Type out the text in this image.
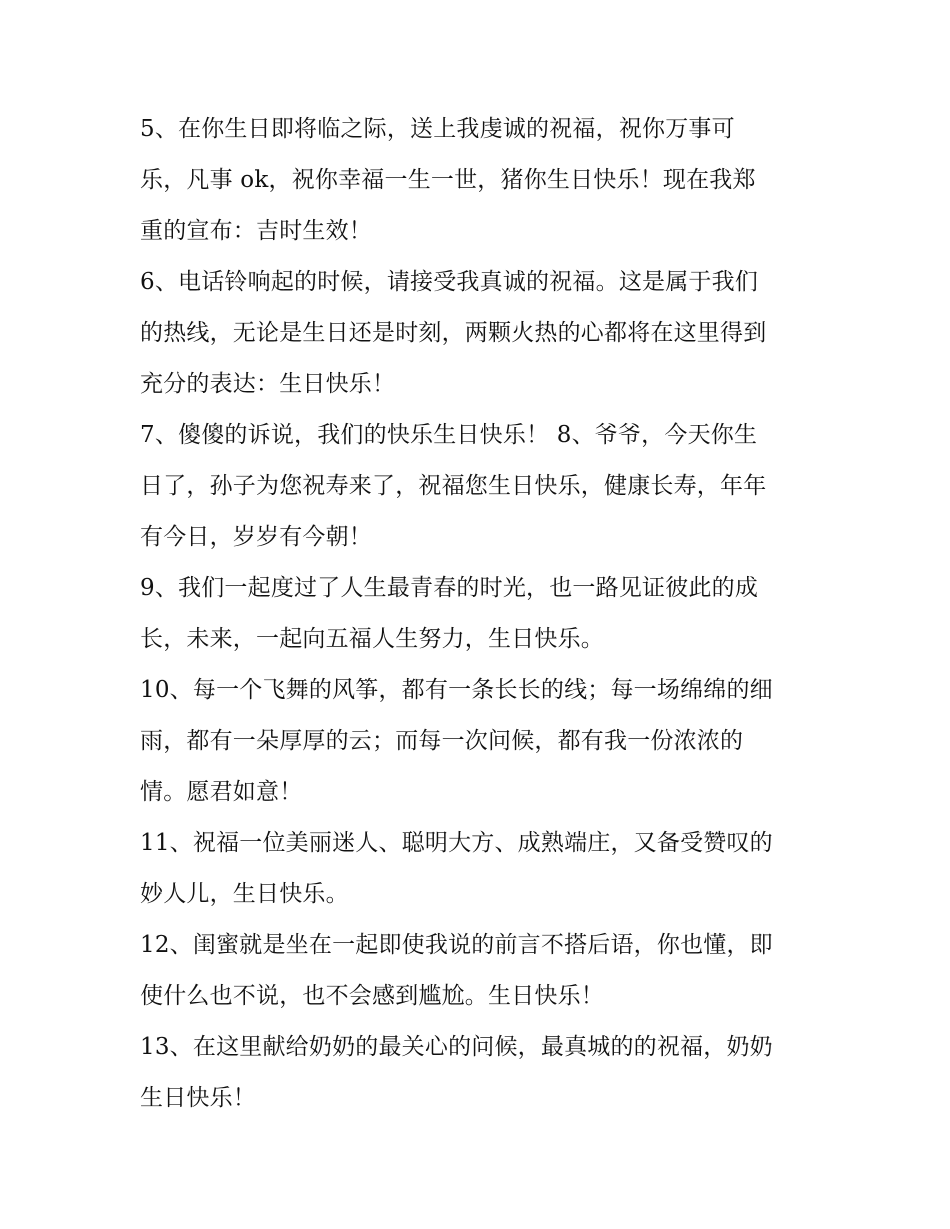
5、在你生日即将临之际，送上我虔诚的祝福，祝你万事可
乐，凡事 ok，祝你幸福一生一世，猪你生日快乐！现在我郑
重的宣布：吉时生效！

6、电话铃响起的时候，请接受我真诚的祝福。这是属于我们
的热线，无论是生日还是时刻，两颗火热的心都将在这里得到
充分的表达：生日快乐！

7、傻傻的诉说，我们的快乐生日快乐！ 8、爷爷，今天你生
日了，孙子为您祝寿来了，祝福您生日快乐，健康长寿，年年
有今日，岁岁有今朝！

9、我们一起度过了人生最青春的时光，也一路见证彼此的成
长，未来，一起向五福人生努力，生日快乐。

10、每一个飞舞的风筝，都有一条长长的线；每一场绵绵的细
雨，都有一朵厚厚的云；而每一次问候，都有我一份浓浓的
情。愿君如意！

11、祝福一位美丽迷人、聪明大方、成熟端庄，又备受赞叹的
妙人儿，生日快乐。

12、闺蜜就是坐在一起即使我说的前言不搭后语，你也懂，即
使什么也不说，也不会感到尴尬。生日快乐！

13、在这里献给奶奶的最关心的问候，最真城的的祝福，奶奶
生日快乐！
